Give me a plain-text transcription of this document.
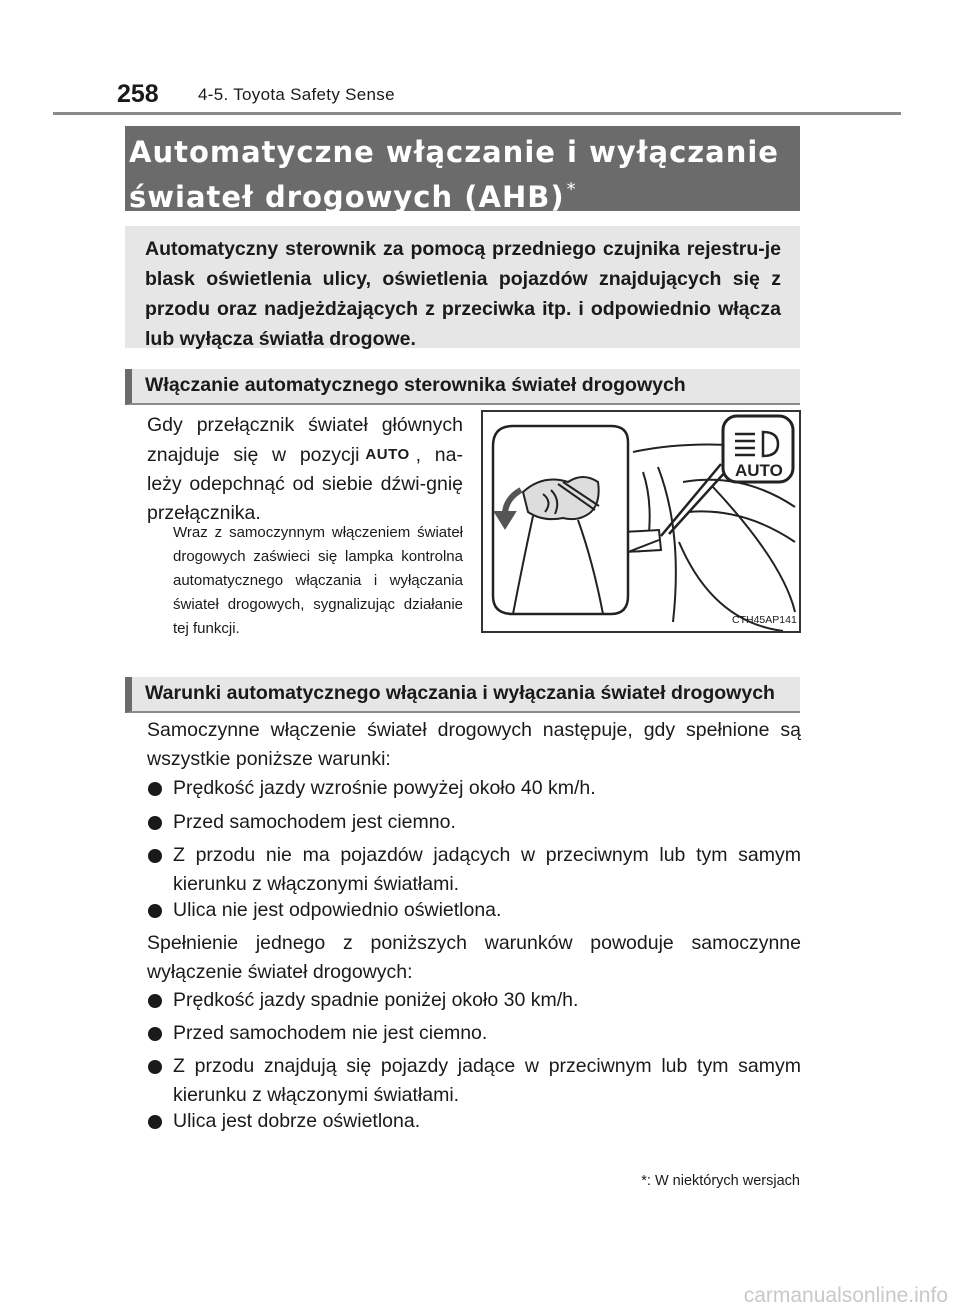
258 4-5. Toyota Safety Sense
Automatyczne włączanie i wyłączanie
świateł drogowych (AHB) *
Automatyczny sterownik za pomocą przedniego czujnika rejestru-je blask oświetlenia ulicy, oświetlenia pojazdów znajdujących się z przodu oraz nadjeżdżających z przeciwka itp. i odpowiednio włącza lub wyłącza światła drogowe.
Włączanie automatycznego sterownika świateł drogowych
Gdy przełącznik świateł głównych znajduje się w pozycji AUTO , na-leży odepchnąć od siebie dźwi-gnię przełącznika.
Wraz z samoczynnym włączeniem świateł drogowych zaświeci się lampka kontrolna automatycznego włączania i wyłączania świateł drogowych, sygnalizując działanie tej funkcji.
AUTO
CTH45AP141
Warunki automatycznego włączania i wyłączania świateł drogowych
Samoczynne włączenie świateł drogowych następuje, gdy spełnione są wszystkie poniższe warunki:
Prędkość jazdy wzrośnie powyżej około 40 km/h.
Przed samochodem jest ciemno.
Z przodu nie ma pojazdów jadących w przeciwnym lub tym samym kierunku z włączonymi światłami.
Ulica nie jest odpowiednio oświetlona.
Spełnienie jednego z poniższych warunków powoduje samoczynne wyłączenie świateł drogowych:
Prędkość jazdy spadnie poniżej około 30 km/h.
Przed samochodem nie jest ciemno.
Z przodu znajdują się pojazdy jadące w przeciwnym lub tym samym kierunku z włączonymi światłami.
Ulica jest dobrze oświetlona.
*: W niektórych wersjach
carmanualsonline.info
